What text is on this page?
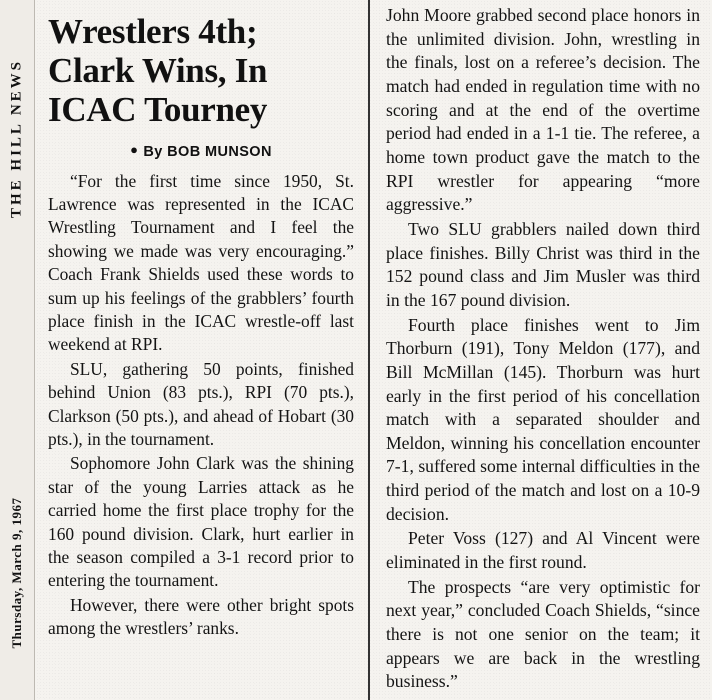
THE HILL NEWS
Thursday, March 9, 1967
Wrestlers 4th;
Clark Wins, In
ICAC Tourney
● By BOB MUNSON

“For the first time since 1950, St. Lawrence was represented in the ICAC Wrestling Tournament and I feel the showing we made was very encouraging.” Coach Frank Shields used these words to sum up his feelings of the grabblers’ fourth place finish in the ICAC wrestle-off last weekend at RPI.

SLU, gathering 50 points, finished behind Union (83 pts.), RPI (70 pts.), Clarkson (50 pts.), and ahead of Hobart (30 pts.), in the tournament.

Sophomore John Clark was the shining star of the young Larries attack as he carried home the first place trophy for the 160 pound division. Clark, hurt earlier in the season compiled a 3-1 record prior to entering the tournament.

However, there were other bright spots among the wrestlers’ ranks.

John Moore grabbed second place honors in the unlimited division. John, wrestling in the finals, lost on a referee’s decision. The match had ended in regulation time with no scoring and at the end of the overtime period had ended in a 1-1 tie. The referee, a home town product gave the match to the RPI wrestler for appearing “more aggressive.”

Two SLU grabblers nailed down third place finishes. Billy Christ was third in the 152 pound class and Jim Musler was third in the 167 pound division.

Fourth place finishes went to Jim Thorburn (191), Tony Meldon (177), and Bill McMillan (145). Thorburn was hurt early in the first period of his concellation match with a separated shoulder and Meldon, winning his concellation encounter 7-1, suffered some internal difficulties in the third period of the match and lost on a 10-9 decision.

Peter Voss (127) and Al Vincent were eliminated in the first round.

The prospects “are very optimistic for next year,” concluded Coach Shields, “since there is not one senior on the team; it appears we are back in the wrestling business.”
